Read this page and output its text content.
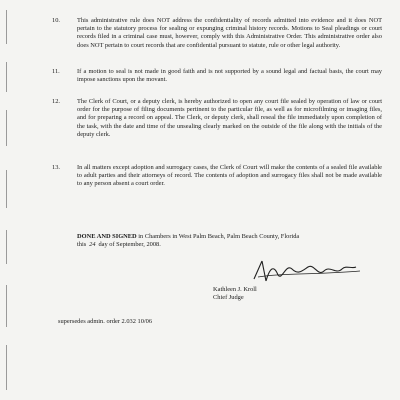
10.	This administrative rule does NOT address the confidentiality of records admitted into evidence and it does NOT pertain to the statutory process for sealing or expunging criminal history records. Motions to Seal pleadings or court records filed in a criminal case must, however, comply with this Administrative Order. This administrative order also does NOT pertain to court records that are confidential pursuant to statute, rule or other legal authority.
11.	If a motion to seal is not made in good faith and is not supported by a sound legal and factual basis, the court may impose sanctions upon the movant.
12.	The Clerk of Court, or a deputy clerk, is hereby authorized to open any court file sealed by operation of law or court order for the purpose of filing documents pertinent to the particular file, as well as for microfilming or imaging files, and for preparing a record on appeal. The Clerk, or deputy clerk, shall reseal the file immediately upon completion of the task, with the date and time of the unsealing clearly marked on the outside of the file along with the initials of the deputy clerk.
13.	In all matters except adoption and surrogacy cases, the Clerk of Court will make the contents of a sealed file available to adult parties and their attorneys of record. The contents of adoption and surrogacy files shall not be made available to any person absent a court order.
DONE AND SIGNED in Chambers in West Palm Beach, Palm Beach County, Florida
this 24 day of September, 2008.
Kathleen J. Kroll
Chief Judge
supersedes admin. order 2.032 10/06
